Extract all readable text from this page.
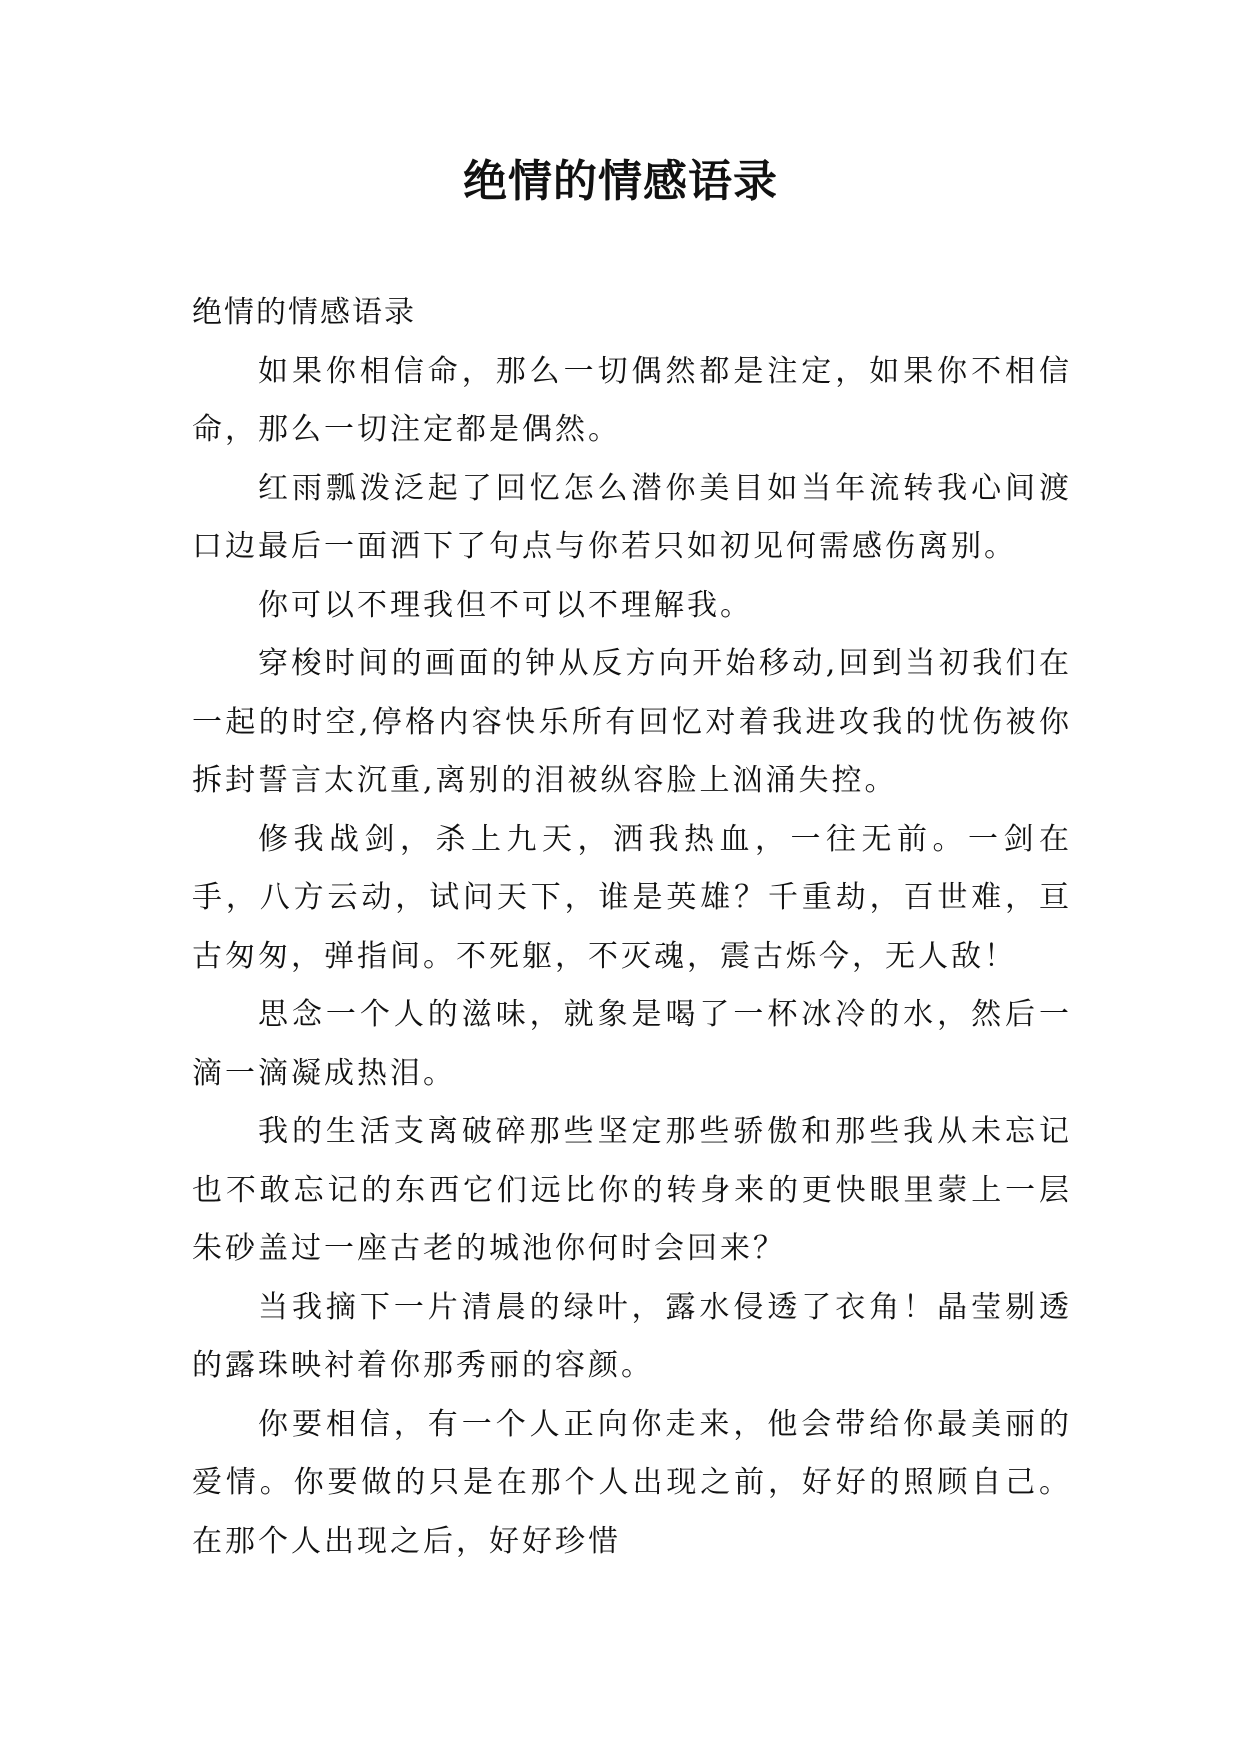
绝情的情感语录

绝情的情感语录

如果你相信命，那么一切偶然都是注定，如果你不相信命，那么一切注定都是偶然。

红雨瓢泼泛起了回忆怎么潜你美目如当年流转我心间渡口边最后一面洒下了句点与你若只如初见何需感伤离别。

你可以不理我但不可以不理解我。

穿梭时间的画面的钟从反方向开始移动,回到当初我们在一起的时空,停格内容快乐所有回忆对着我进攻我的忧伤被你拆封誓言太沉重,离别的泪被纵容脸上汹涌失控。

修我战剑，杀上九天，洒我热血，一往无前。一剑在手，八方云动，试问天下，谁是英雄？千重劫，百世难，亘古匆匆，弹指间。不死躯，不灭魂，震古烁今，无人敌！

思念一个人的滋味，就象是喝了一杯冰冷的水，然后一滴一滴凝成热泪。

我的生活支离破碎那些坚定那些骄傲和那些我从未忘记也不敢忘记的东西它们远比你的转身来的更快眼里蒙上一层朱砂盖过一座古老的城池你何时会回来？

当我摘下一片清晨的绿叶，露水侵透了衣角！晶莹剔透的露珠映衬着你那秀丽的容颜。

你要相信，有一个人正向你走来，他会带给你最美丽的爱情。你要做的只是在那个人出现之前，好好的照顾自己。在那个人出现之后，好好珍惜
